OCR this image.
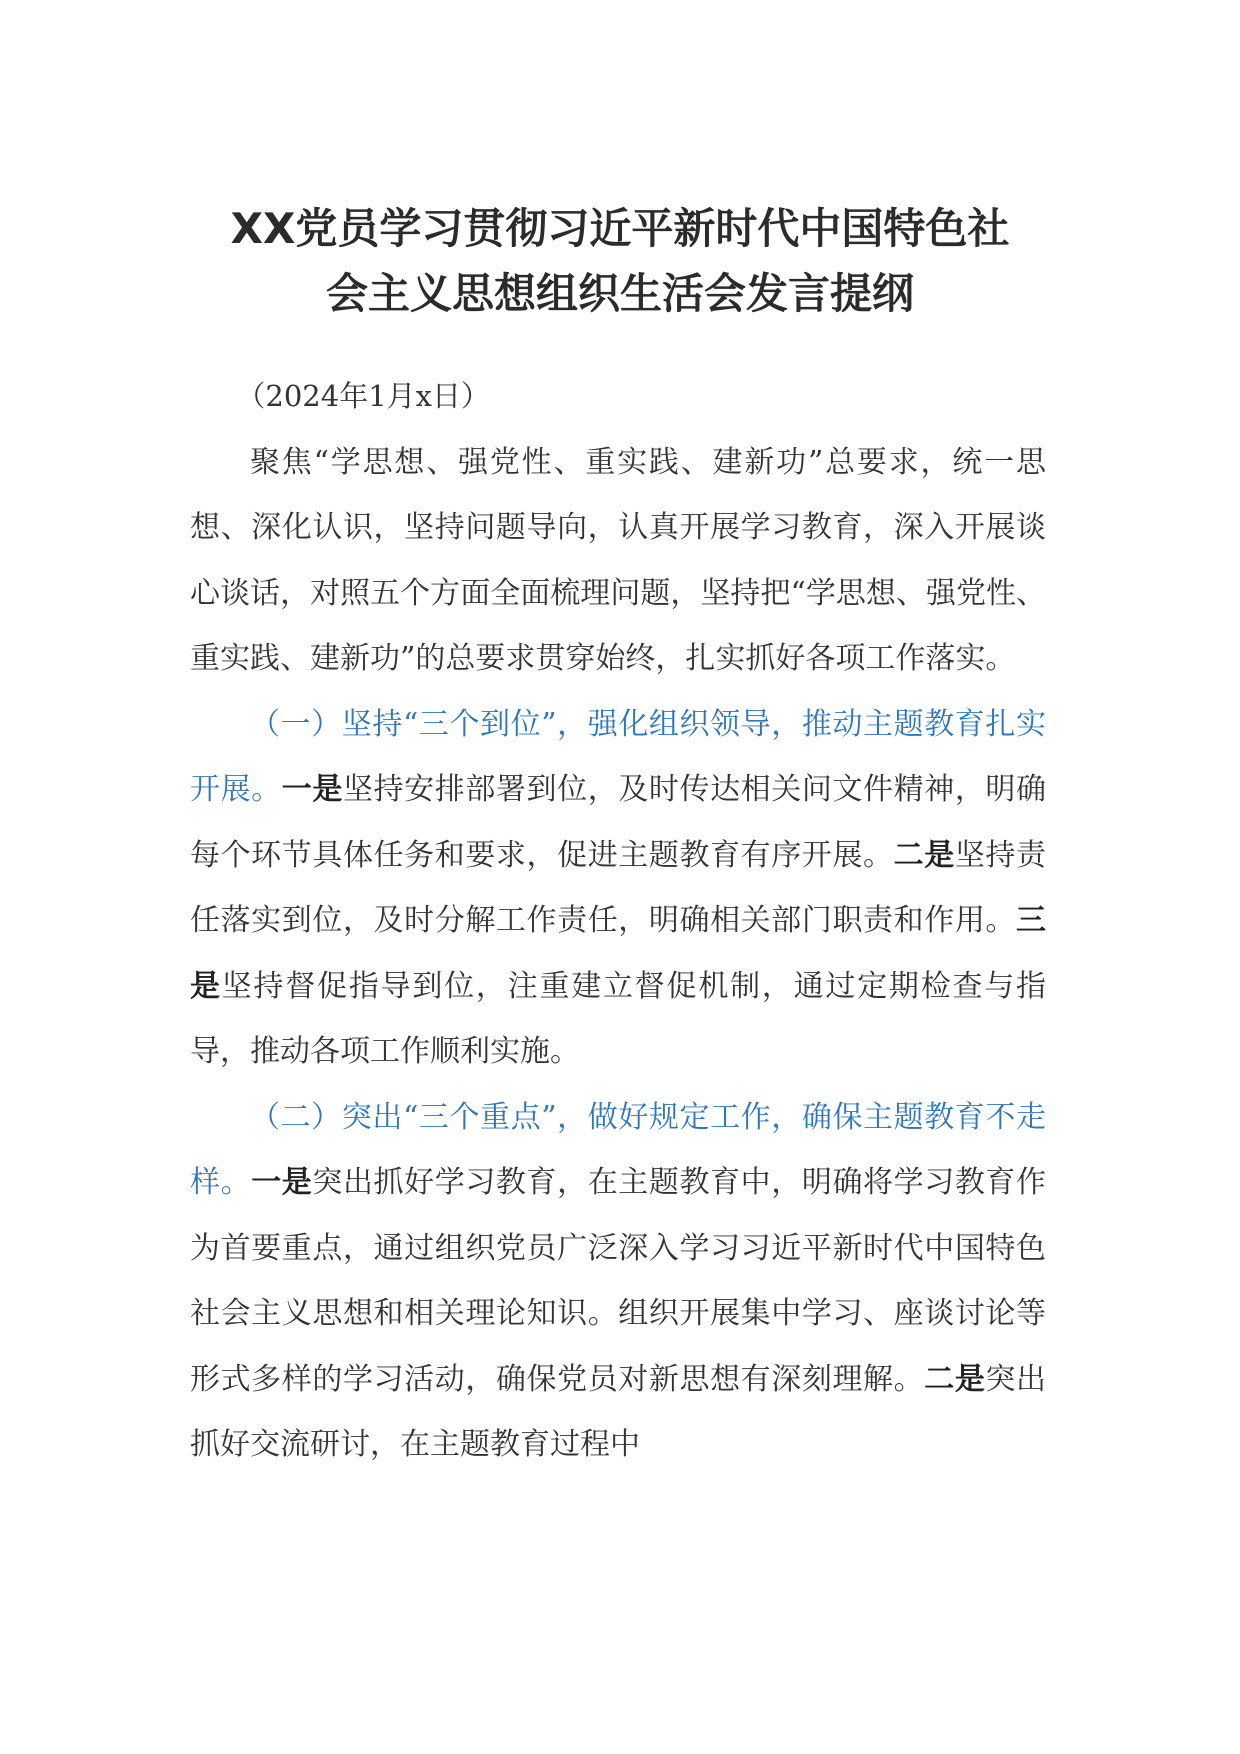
XX党员学习贯彻习近平新时代中国特色社
会主义思想组织生活会发言提纲

（2024年1月x日）

聚焦“学思想、强党性、重实践、建新功”总要求，统一思想、深化认识，坚持问题导向，认真开展学习教育，深入开展谈心谈话，对照五个方面全面梳理问题，坚持把“学思想、强党性、重实践、建新功”的总要求贯穿始终，扎实抓好各项工作落实。

（一）坚持“三个到位”，强化组织领导，推动主题教育扎实开展。一是坚持安排部署到位，及时传达相关问文件精神，明确每个环节具体任务和要求，促进主题教育有序开展。二是坚持责任落实到位，及时分解工作责任，明确相关部门职责和作用。三是坚持督促指导到位，注重建立督促机制，通过定期检查与指导，推动各项工作顺利实施。

（二）突出“三个重点”，做好规定工作，确保主题教育不走样。一是突出抓好学习教育，在主题教育中，明确将学习教育作为首要重点，通过组织党员广泛深入学习习近平新时代中国特色社会主义思想和相关理论知识。组织开展集中学习、座谈讨论等形式多样的学习活动，确保党员对新思想有深刻理解。二是突出抓好交流研讨，在主题教育过程中
